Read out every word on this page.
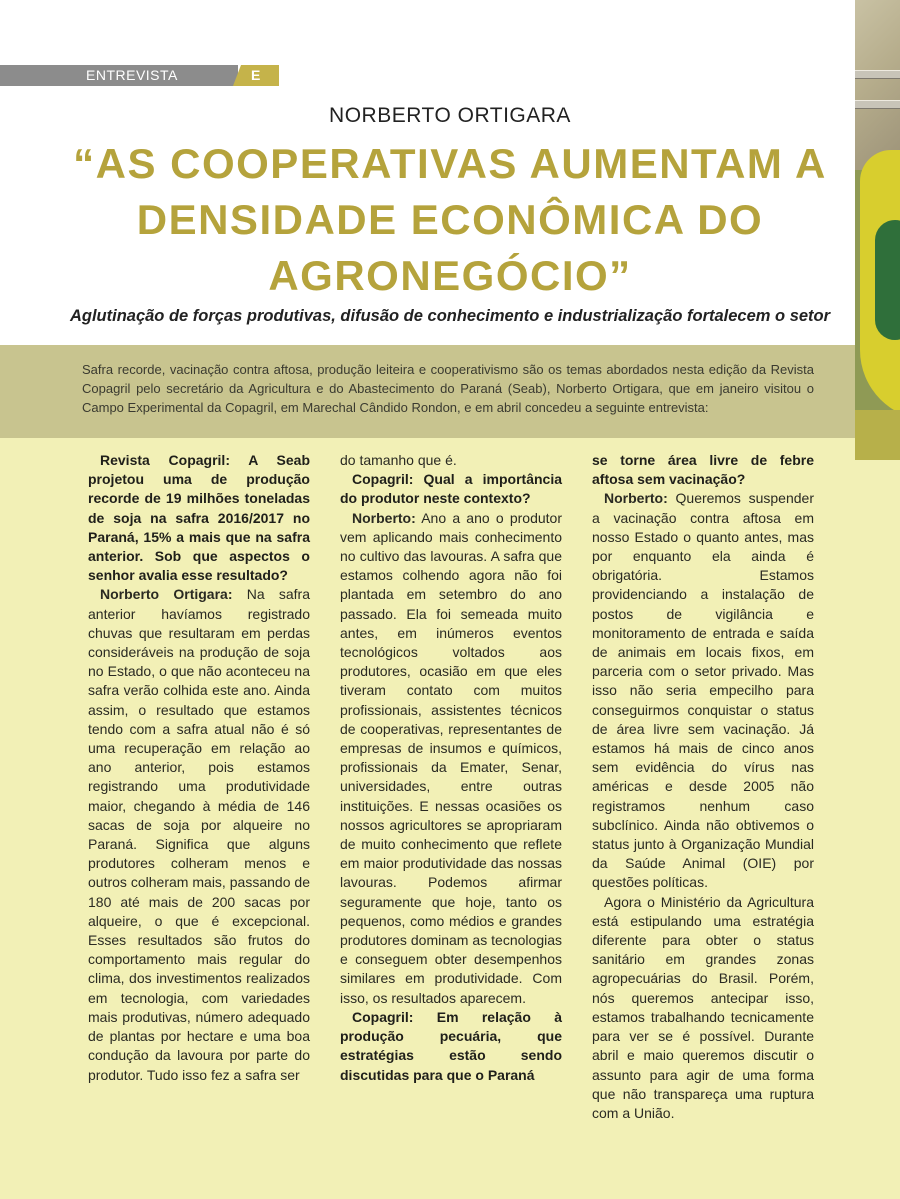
ENTREVISTA	E
NORBERTO ORTIGARA
“AS COOPERATIVAS AUMENTAM A DENSIDADE ECONÔMICA DO AGRONEGÓCIO”
Aglutinação de forças produtivas, difusão de conhecimento e industrialização fortalecem o setor
Safra recorde, vacinação contra aftosa, produção leiteira e cooperativismo são os temas abordados nesta edição da Revista Copagril pelo secretário da Agricultura e do Abastecimento do Paraná (Seab), Norberto Ortigara, que em janeiro visitou o Campo Experimental da Copagril, em Marechal Cândido Rondon, e em abril concedeu a seguinte entrevista:

Revista Copagril: A Seab projetou uma de produção recorde de 19 milhões toneladas de soja na safra 2016/2017 no Paraná, 15% a mais que na safra anterior. Sob que aspectos o senhor avalia esse resultado?

Norberto Ortigara: Na safra anterior havíamos registrado chuvas que resultaram em perdas consideráveis na produção de soja no Estado, o que não aconteceu na safra verão colhida este ano. Ainda assim, o resultado que estamos tendo com a safra atual não é só uma recuperação em relação ao ano anterior, pois estamos registrando uma produtividade maior, chegando à média de 146 sacas de soja por alqueire no Paraná. Significa que alguns produtores colheram menos e outros colheram mais, passando de 180 até mais de 200 sacas por alqueire, o que é excepcional. Esses resultados são frutos do comportamento mais regular do clima, dos investimentos realizados em tecnologia, com variedades mais produtivas, número adequado de plantas por hectare e uma boa condução da lavoura por parte do produtor. Tudo isso fez a safra ser

do tamanho que é.

Copagril: Qual a importância do produtor neste contexto?

Norberto: Ano a ano o produtor vem aplicando mais conhecimento no cultivo das lavouras. A safra que estamos colhendo agora não foi plantada em setembro do ano passado. Ela foi semeada muito antes, em inúmeros eventos tecnológicos voltados aos produtores, ocasião em que eles tiveram contato com muitos profissionais, assistentes técnicos de cooperativas, representantes de empresas de insumos e químicos, profissionais da Emater, Senar, universidades, entre outras instituições. E nessas ocasiões os nossos agricultores se apropriaram de muito conhecimento que reflete em maior produtividade das nossas lavouras. Podemos afirmar seguramente que hoje, tanto os pequenos, como médios e grandes produtores dominam as tecnologias e conseguem obter desempenhos similares em produtividade. Com isso, os resultados aparecem.

Copagril: Em relação à produção pecuária, que estratégias estão sendo discutidas para que o Paraná

se torne área livre de febre aftosa sem vacinação?

Norberto: Queremos suspender a vacinação contra aftosa em nosso Estado o quanto antes, mas por enquanto ela ainda é obrigatória. Estamos providenciando a instalação de postos de vigilância e monitoramento de entrada e saída de animais em locais fixos, em parceria com o setor privado. Mas isso não seria empecilho para conseguirmos conquistar o status de área livre sem vacinação. Já estamos há mais de cinco anos sem evidência do vírus nas américas e desde 2005 não registramos nenhum caso subclínico. Ainda não obtivemos o status junto à Organização Mundial da Saúde Animal (OIE) por questões políticas.

Agora o Ministério da Agricultura está estipulando uma estratégia diferente para obter o status sanitário em grandes zonas agropecuárias do Brasil. Porém, nós queremos antecipar isso, estamos trabalhando tecnicamente para ver se é possível. Durante abril e maio queremos discutir o assunto para agir de uma forma que não transpareça uma ruptura com a União.
